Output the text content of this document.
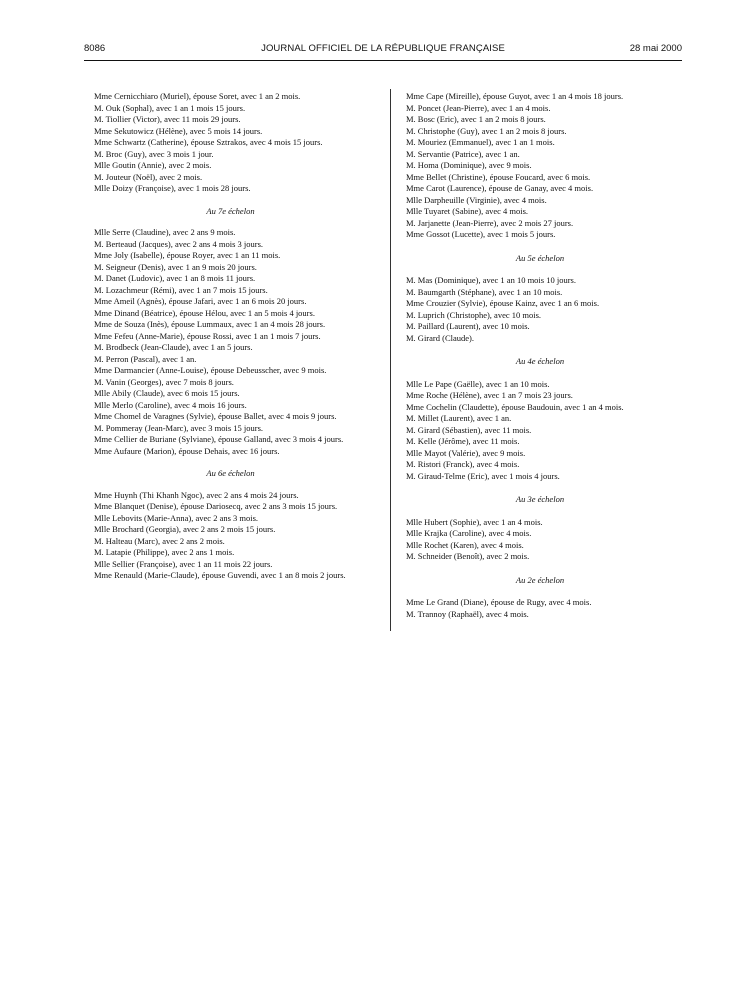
8086	JOURNAL OFFICIEL DE LA RÉPUBLIQUE FRANÇAISE	28 mai 2000

Mme Cernicchiaro (Muriel), épouse Soret, avec 1 an 2 mois.

M. Ouk (Sophal), avec 1 an 1 mois 15 jours.

M. Tiollier (Victor), avec 11 mois 29 jours.

Mme Sekutowicz (Hélène), avec 5 mois 14 jours.

Mme Schwartz (Catherine), épouse Sztrakos, avec 4 mois 15 jours.

M. Broc (Guy), avec 3 mois 1 jour.

Mlle Goutin (Annie), avec 2 mois.

M. Jouteur (Noël), avec 2 mois.

Mlle Doizy (Françoise), avec 1 mois 28 jours.

Au 7e échelon

Mlle Serre (Claudine), avec 2 ans 9 mois.

M. Berteaud (Jacques), avec 2 ans 4 mois 3 jours.

Mme Joly (Isabelle), épouse Royer, avec 1 an 11 mois.

M. Seigneur (Denis), avec 1 an 9 mois 20 jours.

M. Danet (Ludovic), avec 1 an 8 mois 11 jours.

M. Lozachmeur (Rémi), avec 1 an 7 mois 15 jours.

Mme Ameil (Agnès), épouse Jafari, avec 1 an 6 mois 20 jours.

Mme Dinand (Béatrice), épouse Hélou, avec 1 an 5 mois 4 jours.

Mme de Souza (Inès), épouse Lummaux, avec 1 an 4 mois 28 jours.

Mme Fefeu (Anne-Marie), épouse Rossi, avec 1 an 1 mois 7 jours.

M. Brodbeck (Jean-Claude), avec 1 an 5 jours.

M. Perron (Pascal), avec 1 an.

Mme Darmancier (Anne-Louise), épouse Debeusscher, avec 9 mois.

M. Vanin (Georges), avec 7 mois 8 jours.

Mlle Abily (Claude), avec 6 mois 15 jours.

Mlle Merlo (Caroline), avec 4 mois 16 jours.

Mme Chomel de Varagnes (Sylvie), épouse Ballet, avec 4 mois 9 jours.

M. Pommeray (Jean-Marc), avec 3 mois 15 jours.

Mme Cellier de Buriane (Sylviane), épouse Galland, avec 3 mois 4 jours.

Mme Aufaure (Marion), épouse Dehais, avec 16 jours.

Au 6e échelon

Mme Huynh (Thi Khanh Ngoc), avec 2 ans 4 mois 24 jours.

Mme Blanquet (Denise), épouse Dariosecq, avec 2 ans 3 mois 15 jours.

Mlle Lebovits (Marie-Anna), avec 2 ans 3 mois.

Mlle Brochard (Georgia), avec 2 ans 2 mois 15 jours.

M. Halteau (Marc), avec 2 ans 2 mois.

M. Latapie (Philippe), avec 2 ans 1 mois.

Mlle Sellier (Françoise), avec 1 an 11 mois 22 jours.

Mme Renauld (Marie-Claude), épouse Guvendi, avec 1 an 8 mois 2 jours.

Mme Cape (Mireille), épouse Guyot, avec 1 an 4 mois 18 jours.

M. Poncet (Jean-Pierre), avec 1 an 4 mois.

M. Bosc (Eric), avec 1 an 2 mois 8 jours.

M. Christophe (Guy), avec 1 an 2 mois 8 jours.

M. Mouriez (Emmanuel), avec 1 an 1 mois.

M. Servantie (Patrice), avec 1 an.

M. Homa (Dominique), avec 9 mois.

Mme Bellet (Christine), épouse Foucard, avec 6 mois.

Mme Carot (Laurence), épouse de Ganay, avec 4 mois.

Mlle Darpheuille (Virginie), avec 4 mois.

Mlle Tuyaret (Sabine), avec 4 mois.

M. Jarjanette (Jean-Pierre), avec 2 mois 27 jours.

Mme Gossot (Lucette), avec 1 mois 5 jours.

Au 5e échelon

M. Mas (Dominique), avec 1 an 10 mois 10 jours.

M. Baumgarth (Stéphane), avec 1 an 10 mois.

Mme Crouzier (Sylvie), épouse Kainz, avec 1 an 6 mois.

M. Luprich (Christophe), avec 10 mois.

M. Paillard (Laurent), avec 10 mois.

M. Girard (Claude).

Au 4e échelon

Mlle Le Pape (Gaëlle), avec 1 an 10 mois.

Mme Roche (Hélène), avec 1 an 7 mois 23 jours.

Mme Cochelin (Claudette), épouse Baudouin, avec 1 an 4 mois.

M. Millet (Laurent), avec 1 an.

M. Girard (Sébastien), avec 11 mois.

M. Kelle (Jérôme), avec 11 mois.

Mlle Mayot (Valérie), avec 9 mois.

M. Ristori (Franck), avec 4 mois.

M. Giraud-Telme (Eric), avec 1 mois 4 jours.

Au 3e échelon

Mlle Hubert (Sophie), avec 1 an 4 mois.

Mlle Krajka (Caroline), avec 4 mois.

Mlle Rochet (Karen), avec 4 mois.

M. Schneider (Benoît), avec 2 mois.

Au 2e échelon

Mme Le Grand (Diane), épouse de Rugy, avec 4 mois.

M. Trannoy (Raphaël), avec 4 mois.
